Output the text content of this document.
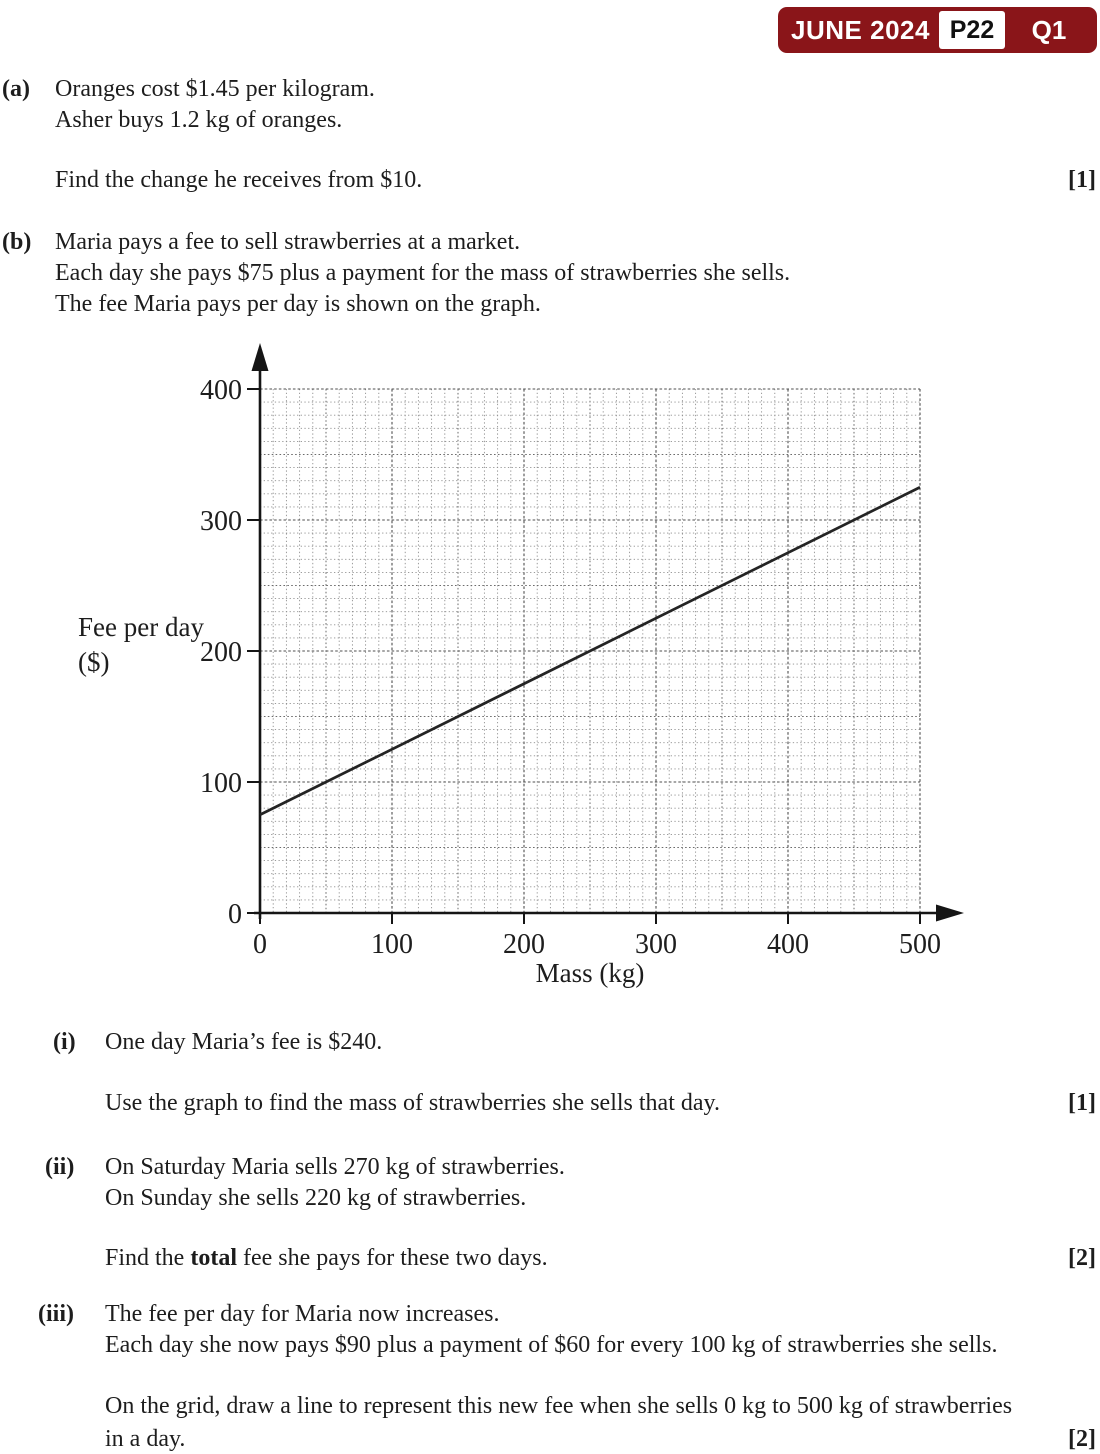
JUNE 2024 P22	Q1
(a) Oranges cost $1.45 per kilogram.
Asher buys 1.2 kg of oranges.
Find the change he receives from $10.	[1]
(b) Maria pays a fee to sell strawberries at a market.
Each day she pays $75 plus a payment for the mass of strawberries she sells.
The fee Maria pays per day is shown on the graph.
0
100
200
300
400
0	100	200	300	400	500
Fee per day
($)
Mass (kg)
(i) One day Maria’s fee is $240.
Use the graph to find the mass of strawberries she sells that day.	[1]
(ii) On Saturday Maria sells 270 kg of strawberries.
On Sunday she sells 220 kg of strawberries.
Find the total fee she pays for these two days.	[2]
(iii) The fee per day for Maria now increases.
Each day she now pays $90 plus a payment of $60 for every 100 kg of strawberries she sells.
On the grid, draw a line to represent this new fee when she sells 0 kg to 500 kg of strawberries
in a day.	[2]
